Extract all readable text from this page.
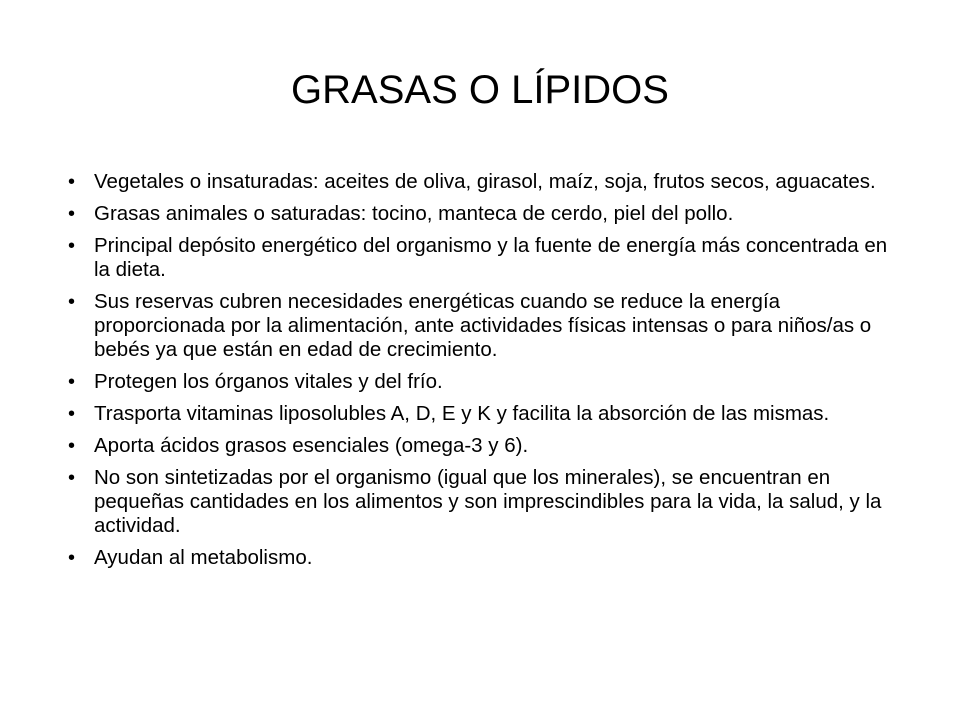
GRASAS O LÍPIDOS
• Vegetales o insaturadas: aceites de oliva, girasol, maíz, soja, frutos secos, aguacates.
• Grasas animales o saturadas: tocino, manteca de cerdo, piel del pollo.
• Principal depósito energético del organismo y la fuente de energía más concentrada en la dieta.
• Sus reservas cubren necesidades energéticas cuando se reduce la energía proporcionada por la alimentación, ante actividades físicas intensas o para niños/as o bebés ya que están en edad de crecimiento.
• Protegen los órganos vitales y del frío.
• Trasporta vitaminas liposolubles A, D, E y K y facilita la absorción de las mismas.
• Aporta ácidos grasos esenciales (omega-3 y 6).
• No son sintetizadas por el organismo (igual que los minerales), se encuentran en pequeñas cantidades en los alimentos y son imprescindibles para la vida, la salud, y la actividad.
• Ayudan al metabolismo.
